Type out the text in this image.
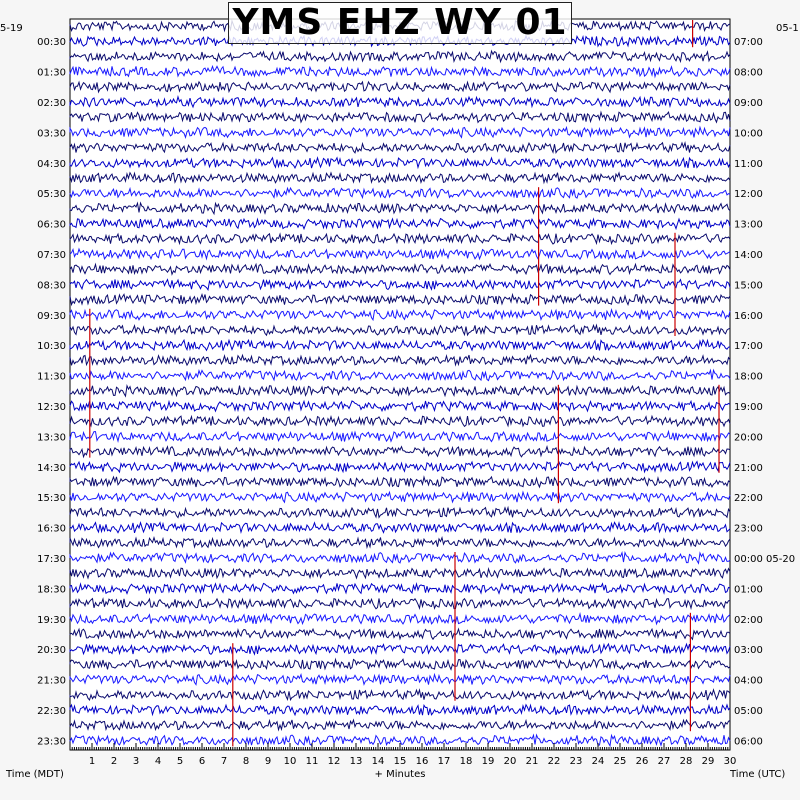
1 2 3 4 5 6 7 8 9 10 11 12 13 14 15 16 17 18 19 20 21 22 23 24 25 26 27 28 29 30
00:30
01:30
02:30
03:30
04:30
05:30
06:30
07:30
08:30
09:30
10:30
11:30
12:30
13:30
14:30
15:30
16:30
17:30
18:30
19:30
20:30
21:30
22:30
23:30
07:00
08:00
09:00
10:00
11:00
12:00
13:00
14:00
15:00
16:00
17:00
18:00
19:00
20:00
21:00
22:00
23:00
00:00 05-20
01:00
02:00
03:00
04:00
05:00
06:00
5-19	05-1
Time (MDT)	+ Minutes	Time (UTC)
YMS EHZ WY 01
